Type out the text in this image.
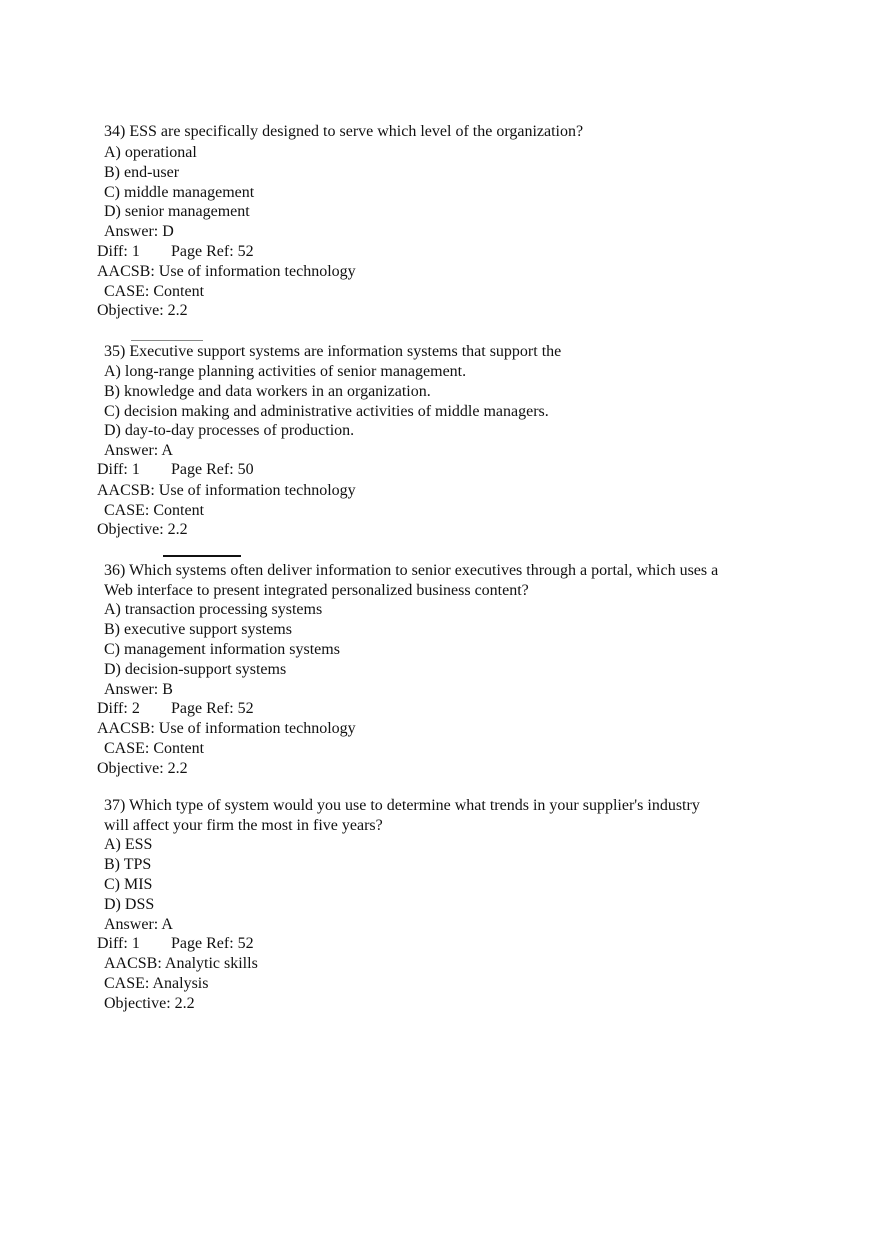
34) ESS are specifically designed to serve which level of the organization?
A) operational
B) end-user
C) middle management
D) senior management
Answer: D
Diff: 1 Page Ref: 52
AACSB: Use of information technology
CASE: Content
Objective: 2.2
35) Executive support systems are information systems that support the
A) long-range planning activities of senior management.
B) knowledge and data workers in an organization.
C) decision making and administrative activities of middle managers.
D) day-to-day processes of production.
Answer: A
Diff: 1 Page Ref: 50
AACSB: Use of information technology
CASE: Content
Objective: 2.2
36) Which systems often deliver information to senior executives through a portal, which uses a
Web interface to present integrated personalized business content?
A) transaction processing systems
B) executive support systems
C) management information systems
D) decision-support systems
Answer: B
Diff: 2 Page Ref: 52
AACSB: Use of information technology
CASE: Content
Objective: 2.2
37) Which type of system would you use to determine what trends in your supplier's industry
will affect your firm the most in five years?
A) ESS
B) TPS
C) MIS
D) DSS
Answer: A
Diff: 1 Page Ref: 52
AACSB: Analytic skills
CASE: Analysis
Objective: 2.2
